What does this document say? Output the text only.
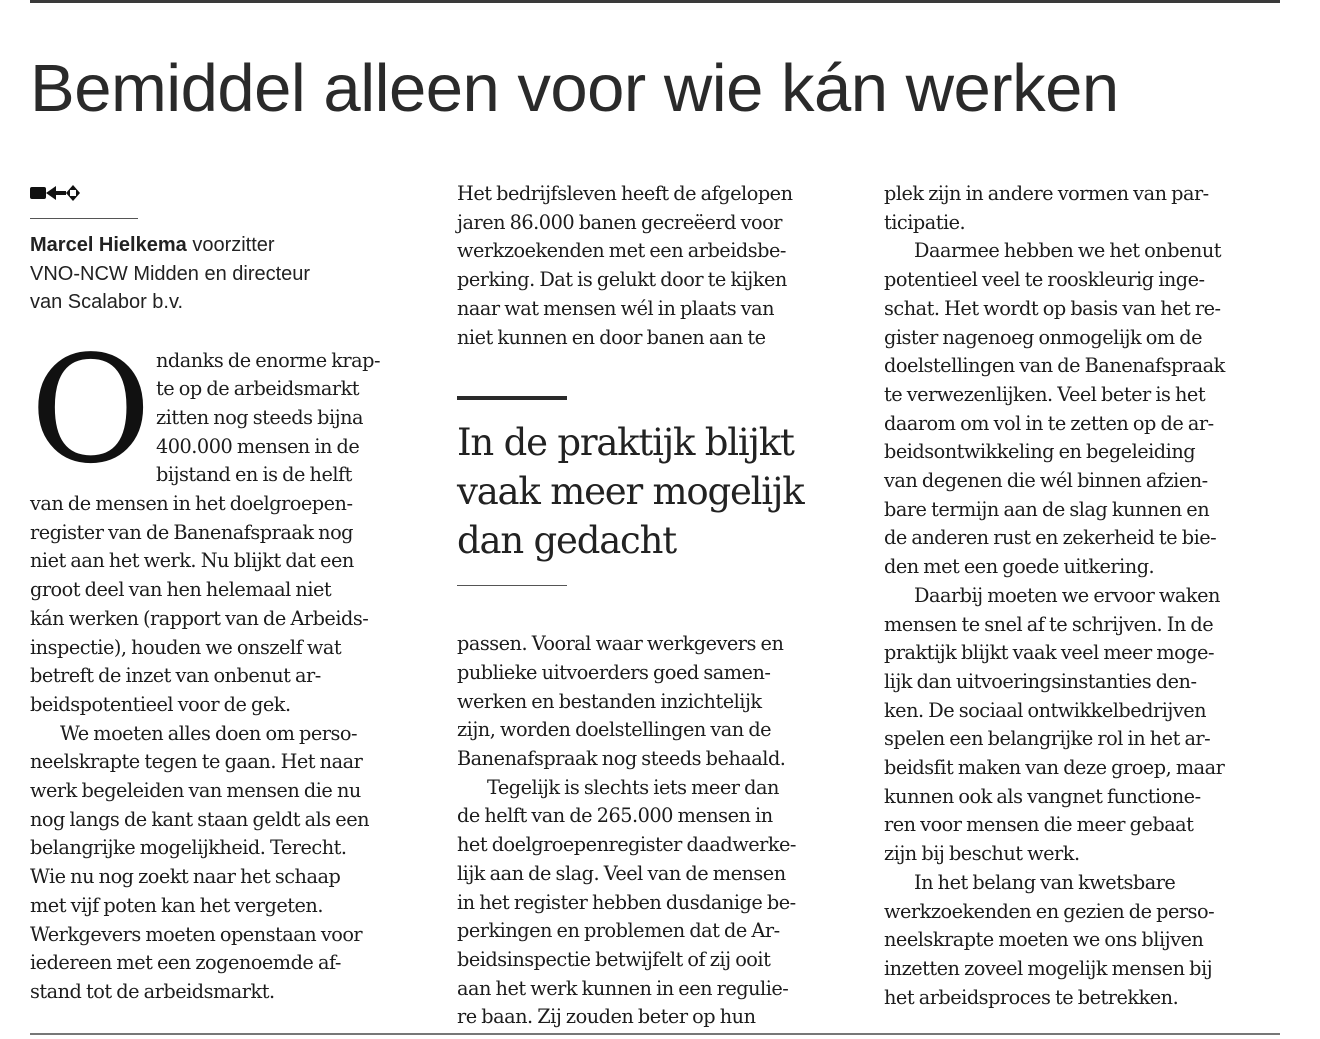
Bemiddel alleen voor wie kán werken

Marcel Hielkema voorzitter
VNO-NCW Midden en directeur
van Scalabor b.v.

O ndanks de enorme krap-
te op de arbeidsmarkt
zitten nog steeds bijna
400.000 mensen in de
bijstand en is de helft
van de mensen in het doelgroepen-
register van de Banenafspraak nog
niet aan het werk. Nu blijkt dat een
groot deel van hen helemaal niet
kán werken (rapport van de Arbeids-
inspectie), houden we onszelf wat
betreft de inzet van onbenut ar-
beidspotentieel voor de gek.
We moeten alles doen om perso-
neelskrapte tegen te gaan. Het naar
werk begeleiden van mensen die nu
nog langs de kant staan geldt als een
belangrijke mogelijkheid. Terecht.
Wie nu nog zoekt naar het schaap
met vijf poten kan het vergeten.
Werkgevers moeten openstaan voor
iedereen met een zogenoemde af-
stand tot de arbeidsmarkt.
Het bedrijfsleven heeft de afgelopen
jaren 86.000 banen gecreëerd voor
werkzoekenden met een arbeidsbe-
perking. Dat is gelukt door te kijken
naar wat mensen wél in plaats van
niet kunnen en door banen aan te
In de praktijk blijkt
vaak meer mogelijk
dan gedacht
passen. Vooral waar werkgevers en
publieke uitvoerders goed samen-
werken en bestanden inzichtelijk
zijn, worden doelstellingen van de
Banenafspraak nog steeds behaald.
Tegelijk is slechts iets meer dan
de helft van de 265.000 mensen in
het doelgroepenregister daadwerke-
lijk aan de slag. Veel van de mensen
in het register hebben dusdanige be-
perkingen en problemen dat de Ar-
beidsinspectie betwijfelt of zij ooit
aan het werk kunnen in een regulie-
re baan. Zij zouden beter op hun
plek zijn in andere vormen van par-
ticipatie.
Daarmee hebben we het onbenut
potentieel veel te rooskleurig inge-
schat. Het wordt op basis van het re-
gister nagenoeg onmogelijk om de
doelstellingen van de Banenafspraak
te verwezenlijken. Veel beter is het
daarom om vol in te zetten op de ar-
beidsontwikkeling en begeleiding
van degenen die wél binnen afzien-
bare termijn aan de slag kunnen en
de anderen rust en zekerheid te bie-
den met een goede uitkering.
Daarbij moeten we ervoor waken
mensen te snel af te schrijven. In de
praktijk blijkt vaak veel meer moge-
lijk dan uitvoeringsinstanties den-
ken. De sociaal ontwikkelbedrijven
spelen een belangrijke rol in het ar-
beidsfit maken van deze groep, maar
kunnen ook als vangnet functione-
ren voor mensen die meer gebaat
zijn bij beschut werk.
In het belang van kwetsbare
werkzoekenden en gezien de perso-
neelskrapte moeten we ons blijven
inzetten zoveel mogelijk mensen bij
het arbeidsproces te betrekken.
